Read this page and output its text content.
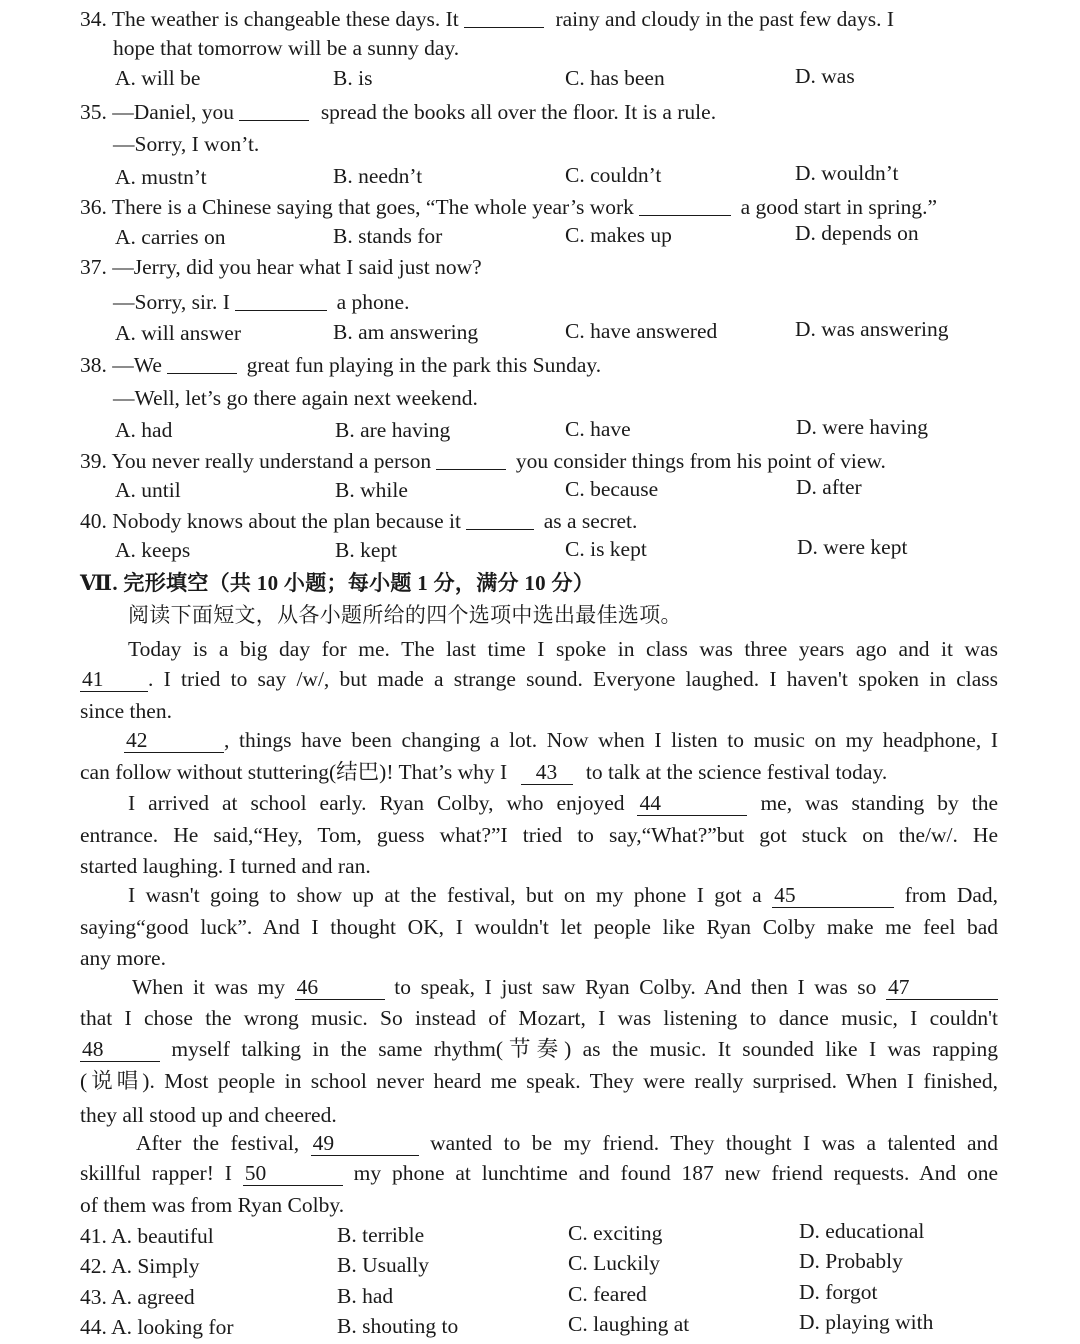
34. The weather is changeable these days. It	rainy and cloudy in the past few days. I
hope that tomorrow will be a sunny day.
A. will be	B. is	C. has been	D. was
35. —Daniel, you	spread the books all over the floor. It is a rule.
—Sorry, I won’t.
A. mustn’t	B. needn’t	C. couldn’t	D. wouldn’t
36. There is a Chinese saying that goes, “The whole year’s work	a good start in spring.”
A. carries on	B. stands for	C. makes up	D. depends on
37. —Jerry, did you hear what I said just now?
—Sorry, sir. I	a phone.
A. will answer	B. am answering	C. have answered	D. was answering
38. —We	great fun playing in the park this Sunday.
—Well, let’s go there again next weekend.
A. had	B. are having	C. have	D. were having
39. You never really understand a person	you consider things from his point of view.
A. until	B. while	C. because	D. after
40. Nobody knows about the plan because it	as a secret.
A. keeps	B. kept	C. is kept	D. were kept
Ⅶ. 完形填空（共 10 小题；每小题 1 分，满分 10 分）
阅读下面短文，从各小题所给的四个选项中选出最佳选项。
Today is a big day for me. The last time I spoke in class was three years ago and it was
41 . I tried to say /w/, but made a strange sound. Everyone laughed. I haven't spoken in class
since then.
42	, things have been changing a lot. Now when I listen to music on my headphone, I
can follow without stuttering(结巴)! That’s why I 43 to talk at the science festival today.
I arrived at school early. Ryan Colby, who enjoyed 44	me, was standing by the
entrance. He said,“Hey, Tom, guess what?”I tried to say,“What?”but got stuck on the/w/. He
started laughing. I turned and ran.
I wasn't going to show up at the festival, but on my phone I got a 45	from Dad,
saying“good luck”. And I thought OK, I wouldn't let people like Ryan Colby make me feel bad
any more.
When it was my 46	to speak, I just saw Ryan Colby. And then I was so 47
that I chose the wrong music. So instead of Mozart, I was listening to dance music, I couldn't
48	myself talking in the same rhythm(节奏) as the music. It sounded like I was rapping
(说唱). Most people in school never heard me speak. They were really surprised. When I finished,
they all stood up and cheered.
After the festival, 49	wanted to be my friend. They thought I was a talented and
skillful rapper! I 50	my phone at lunchtime and found 187 new friend requests. And one
of them was from Ryan Colby.
41. A. beautiful	B. terrible	C. exciting	D. educational
42. A. Simply	B. Usually	C. Luckily	D. Probably
43. A. agreed	B. had	C. feared	D. forgot
44. A. looking for	B. shouting to	C. laughing at	D. playing with
